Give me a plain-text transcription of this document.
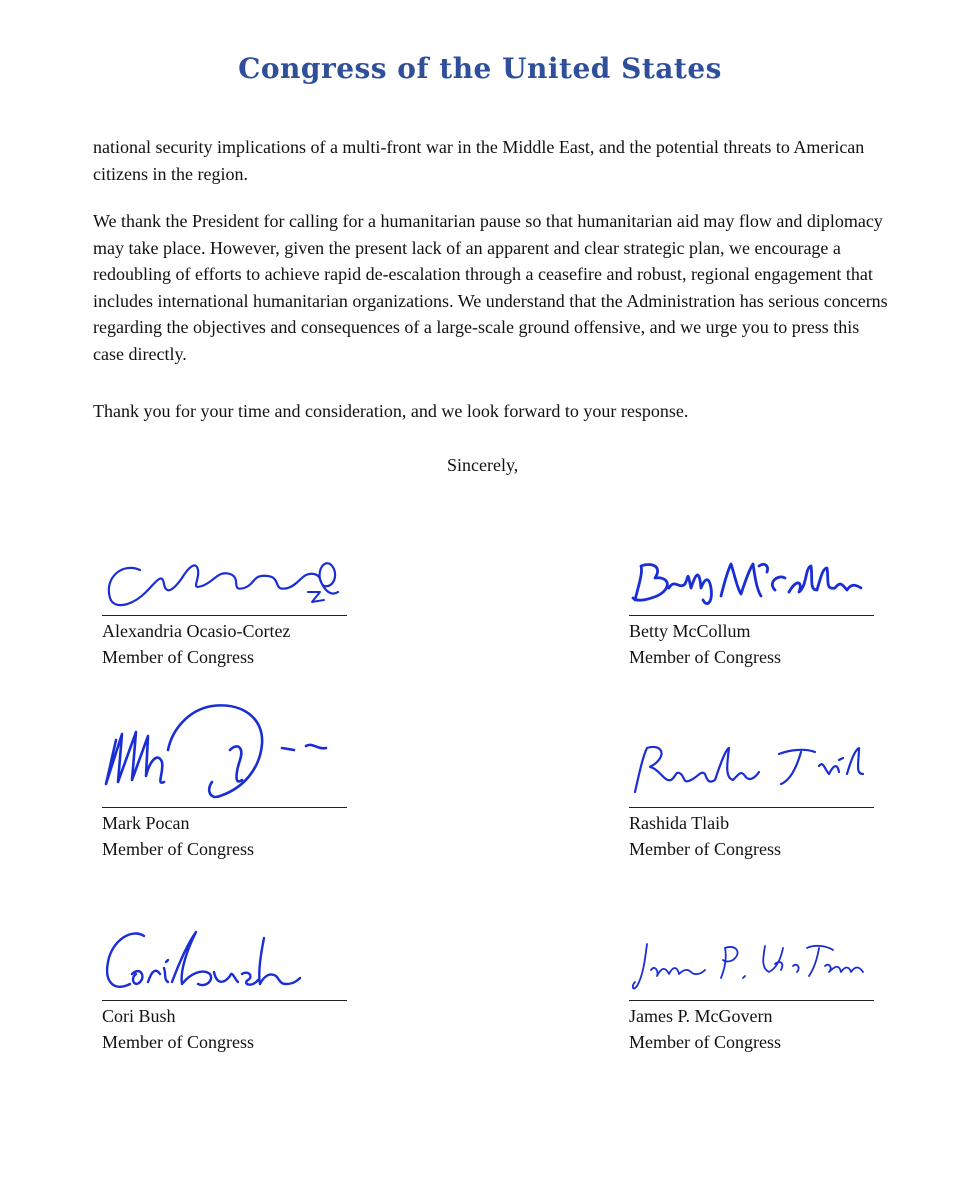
Congress of the United States

national security implications of a multi-front war in the Middle East, and the potential threats to American citizens in the region.

We thank the President for calling for a humanitarian pause so that humanitarian aid may flow and diplomacy may take place. However, given the present lack of an apparent and clear strategic plan, we encourage a redoubling of efforts to achieve rapid de-escalation through a ceasefire and robust, regional engagement that includes international humanitarian organizations. We understand that the Administration has serious concerns regarding the objectives and consequences of a large-scale ground offensive, and we urge you to press this case directly.

Thank you for your time and consideration, and we look forward to your response.

Sincerely,
Alexandria Ocasio-Cortez
Member of Congress
Betty McCollum
Member of Congress
Mark Pocan
Member of Congress
Rashida Tlaib
Member of Congress
Cori Bush
Member of Congress
James P. McGovern
Member of Congress
